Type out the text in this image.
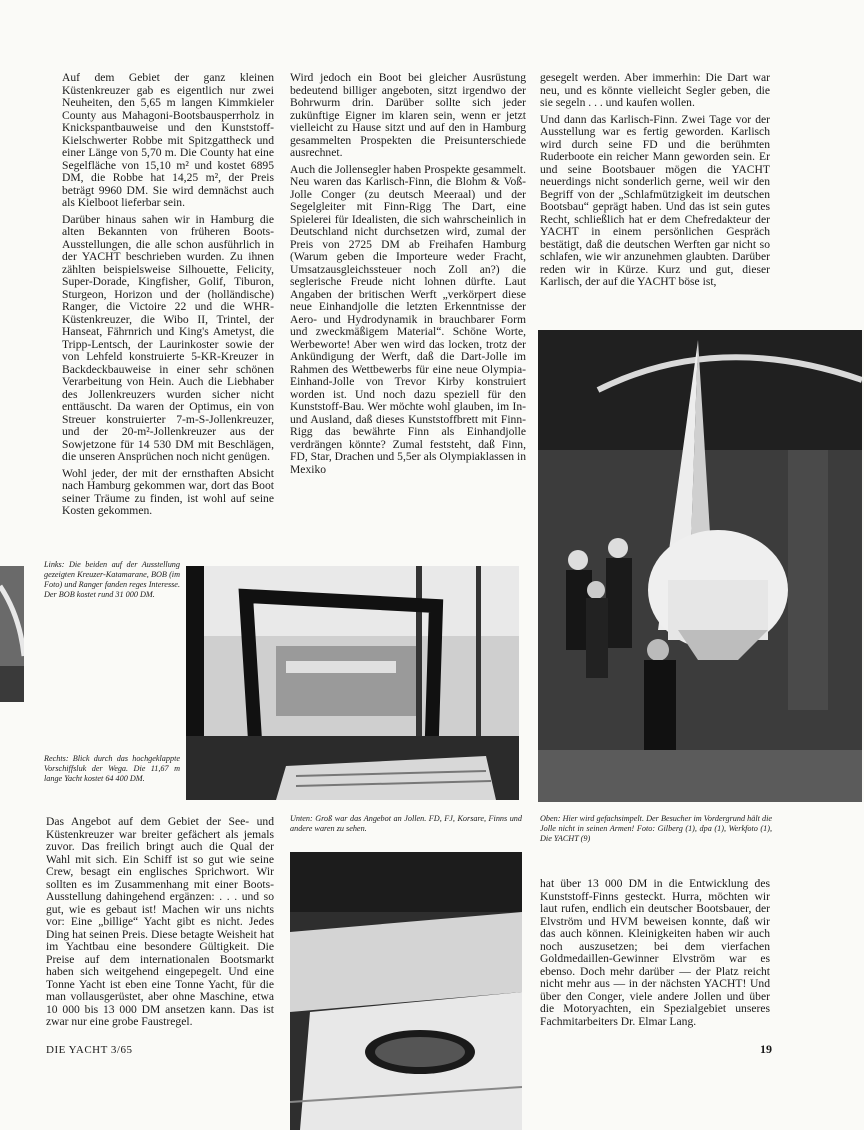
Auf dem Gebiet der ganz kleinen Küstenkreuzer gab es eigentlich nur zwei Neuheiten, den 5,65 m langen Kimmkieler County aus Mahagoni-Bootsbausperrholz in Knickspantbauweise und den Kunststoff-Kielschwerter Robbe mit Spitzgattheck und einer Länge von 5,70 m. Die County hat eine Segelfläche von 15,10 m² und kostet 6895 DM, die Robbe hat 14,25 m², der Preis beträgt 9960 DM. Sie wird demnächst auch als Kielboot lieferbar sein.

Darüber hinaus sahen wir in Hamburg die alten Bekannten von früheren Boots-Ausstellungen, die alle schon ausführlich in der YACHT beschrieben wurden. Zu ihnen zählten beispielsweise Silhouette, Felicity, Super-Dorade, Kingfisher, Golif, Tiburon, Sturgeon, Horizon und der (holländische) Ranger, die Victoire 22 und die WHR-Küstenkreuzer, die Wibo II, Trintel, der Hanseat, Fährnrich und King's Ametyst, die Tripp-Lentsch, der Laurinkoster sowie der von Lehfeld konstruierte 5-KR-Kreuzer in Backdeckbauweise in einer sehr schönen Verarbeitung von Hein. Auch die Liebhaber des Jollenkreuzers wurden sicher nicht enttäuscht. Da waren der Optimus, ein von Streuer konstruierter 7-m-S-Jollenkreuzer, und der 20-m²-Jollenkreuzer aus der Sowjetzone für 14 530 DM mit Beschlägen, die unseren Ansprüchen noch nicht genügen.

Wohl jeder, der mit der ernsthaften Absicht nach Hamburg gekommen war, dort das Boot seiner Träume zu finden, ist wohl auf seine Kosten gekommen.

Wird jedoch ein Boot bei gleicher Ausrüstung bedeutend billiger angeboten, sitzt irgendwo der Bohrwurm drin. Darüber sollte sich jeder zukünftige Eigner im klaren sein, wenn er jetzt vielleicht zu Hause sitzt und auf den in Hamburg gesammelten Prospekten die Preisunterschiede ausrechnet.

Auch die Jollensegler haben Prospekte gesammelt. Neu waren das Karlisch-Finn, die Blohm & Voß-Jolle Conger (zu deutsch Meeraal) und der Segelgleiter mit Finn-Rigg The Dart, eine Spielerei für Idealisten, die sich wahrscheinlich in Deutschland nicht durchsetzen wird, zumal der Preis von 2725 DM ab Freihafen Hamburg (Warum geben die Importeure weder Fracht, Umsatzausgleichssteuer noch Zoll an?) die seglerische Freude nicht lohnen dürfte. Laut Angaben der britischen Werft „verkörpert diese neue Einhandjolle die letzten Erkenntnisse der Aero- und Hydrodynamik in brauchbarer Form und zweckmäßigem Material“. Schöne Worte, Werbeworte! Aber wen wird das locken, trotz der Ankündigung der Werft, daß die Dart-Jolle im Rahmen des Wettbewerbs für eine neue Olympia-Einhand-Jolle von Trevor Kirby konstruiert worden ist. Und noch dazu speziell für den Kunststoff-Bau. Wer möchte wohl glauben, im In- und Ausland, daß dieses Kunststoffbrett mit Finn-Rigg das bewährte Finn als Einhandjolle verdrängen könnte? Zumal feststeht, daß Finn, FD, Star, Drachen und 5,5er als Olympiaklassen in Mexiko

gesegelt werden. Aber immerhin: Die Dart war neu, und es könnte vielleicht Segler geben, die sie segeln . . . und kaufen wollen.

Und dann das Karlisch-Finn. Zwei Tage vor der Ausstellung war es fertig geworden. Karlisch wird durch seine FD und die berühmten Ruderboote ein reicher Mann geworden sein. Er und seine Bootsbauer mögen die YACHT neuerdings nicht sonderlich gerne, weil wir den Begriff von der „Schlafmützigkeit im deutschen Bootsbau“ geprägt haben. Und das ist sein gutes Recht, schließlich hat er dem Chefredakteur der YACHT in einem persönlichen Gespräch bestätigt, daß die deutschen Werften gar nicht so schlafen, wie wir anzunehmen glaubten. Darüber reden wir in Kürze. Kurz und gut, dieser Karlisch, der auf die YACHT böse ist,

Links: Die beiden auf der Ausstellung gezeigten Kreuzer-Katamarane, BOB (im Foto) und Ranger fanden reges Interesse. Der BOB kostet rund 31 000 DM.
Rechts: Blick durch das hochgeklappte Vorschiffsluk der Wega. Die 11,67 m lange Yacht kostet 64 400 DM.
Unten: Groß war das Angebot an Jollen. FD, FJ, Korsare, Finns und andere waren zu sehen.
Oben: Hier wird gefachsimpelt. Der Besucher im Vordergrund hält die Jolle nicht in seinen Armen! Foto: Gilberg (1), dpa (1), Werkfoto (1), Die YACHT (9)

Das Angebot auf dem Gebiet der See- und Küstenkreuzer war breiter gefächert als jemals zuvor. Das freilich bringt auch die Qual der Wahl mit sich. Ein Schiff ist so gut wie seine Crew, besagt ein englisches Sprichwort. Wir sollten es im Zusammenhang mit einer Boots-Ausstellung dahingehend ergänzen: . . . und so gut, wie es gebaut ist! Machen wir uns nichts vor: Eine „billige“ Yacht gibt es nicht. Jedes Ding hat seinen Preis. Diese betagte Weisheit hat im Yachtbau eine besondere Gültigkeit. Die Preise auf dem internationalen Bootsmarkt haben sich weitgehend eingepegelt. Und eine Tonne Yacht ist eben eine Tonne Yacht, für die man vollausgerüstet, aber ohne Maschine, etwa 10 000 bis 13 000 DM ansetzen kann. Das ist zwar nur eine grobe Faustregel.

hat über 13 000 DM in die Entwicklung des Kunststoff-Finns gesteckt. Hurra, möchten wir laut rufen, endlich ein deutscher Bootsbauer, der Elvström und HVM beweisen konnte, daß wir das auch können. Kleinigkeiten haben wir auch noch auszusetzen; bei dem vierfachen Goldmedaillen-Gewinner Elvström war es ebenso. Doch mehr darüber — der Platz reicht nicht mehr aus — in der nächsten YACHT! Und über den Conger, viele andere Jollen und über die Motoryachten, ein Spezialgebiet unseres Fachmitarbeiters Dr. Elmar Lang.

DIE YACHT 3/65	19
